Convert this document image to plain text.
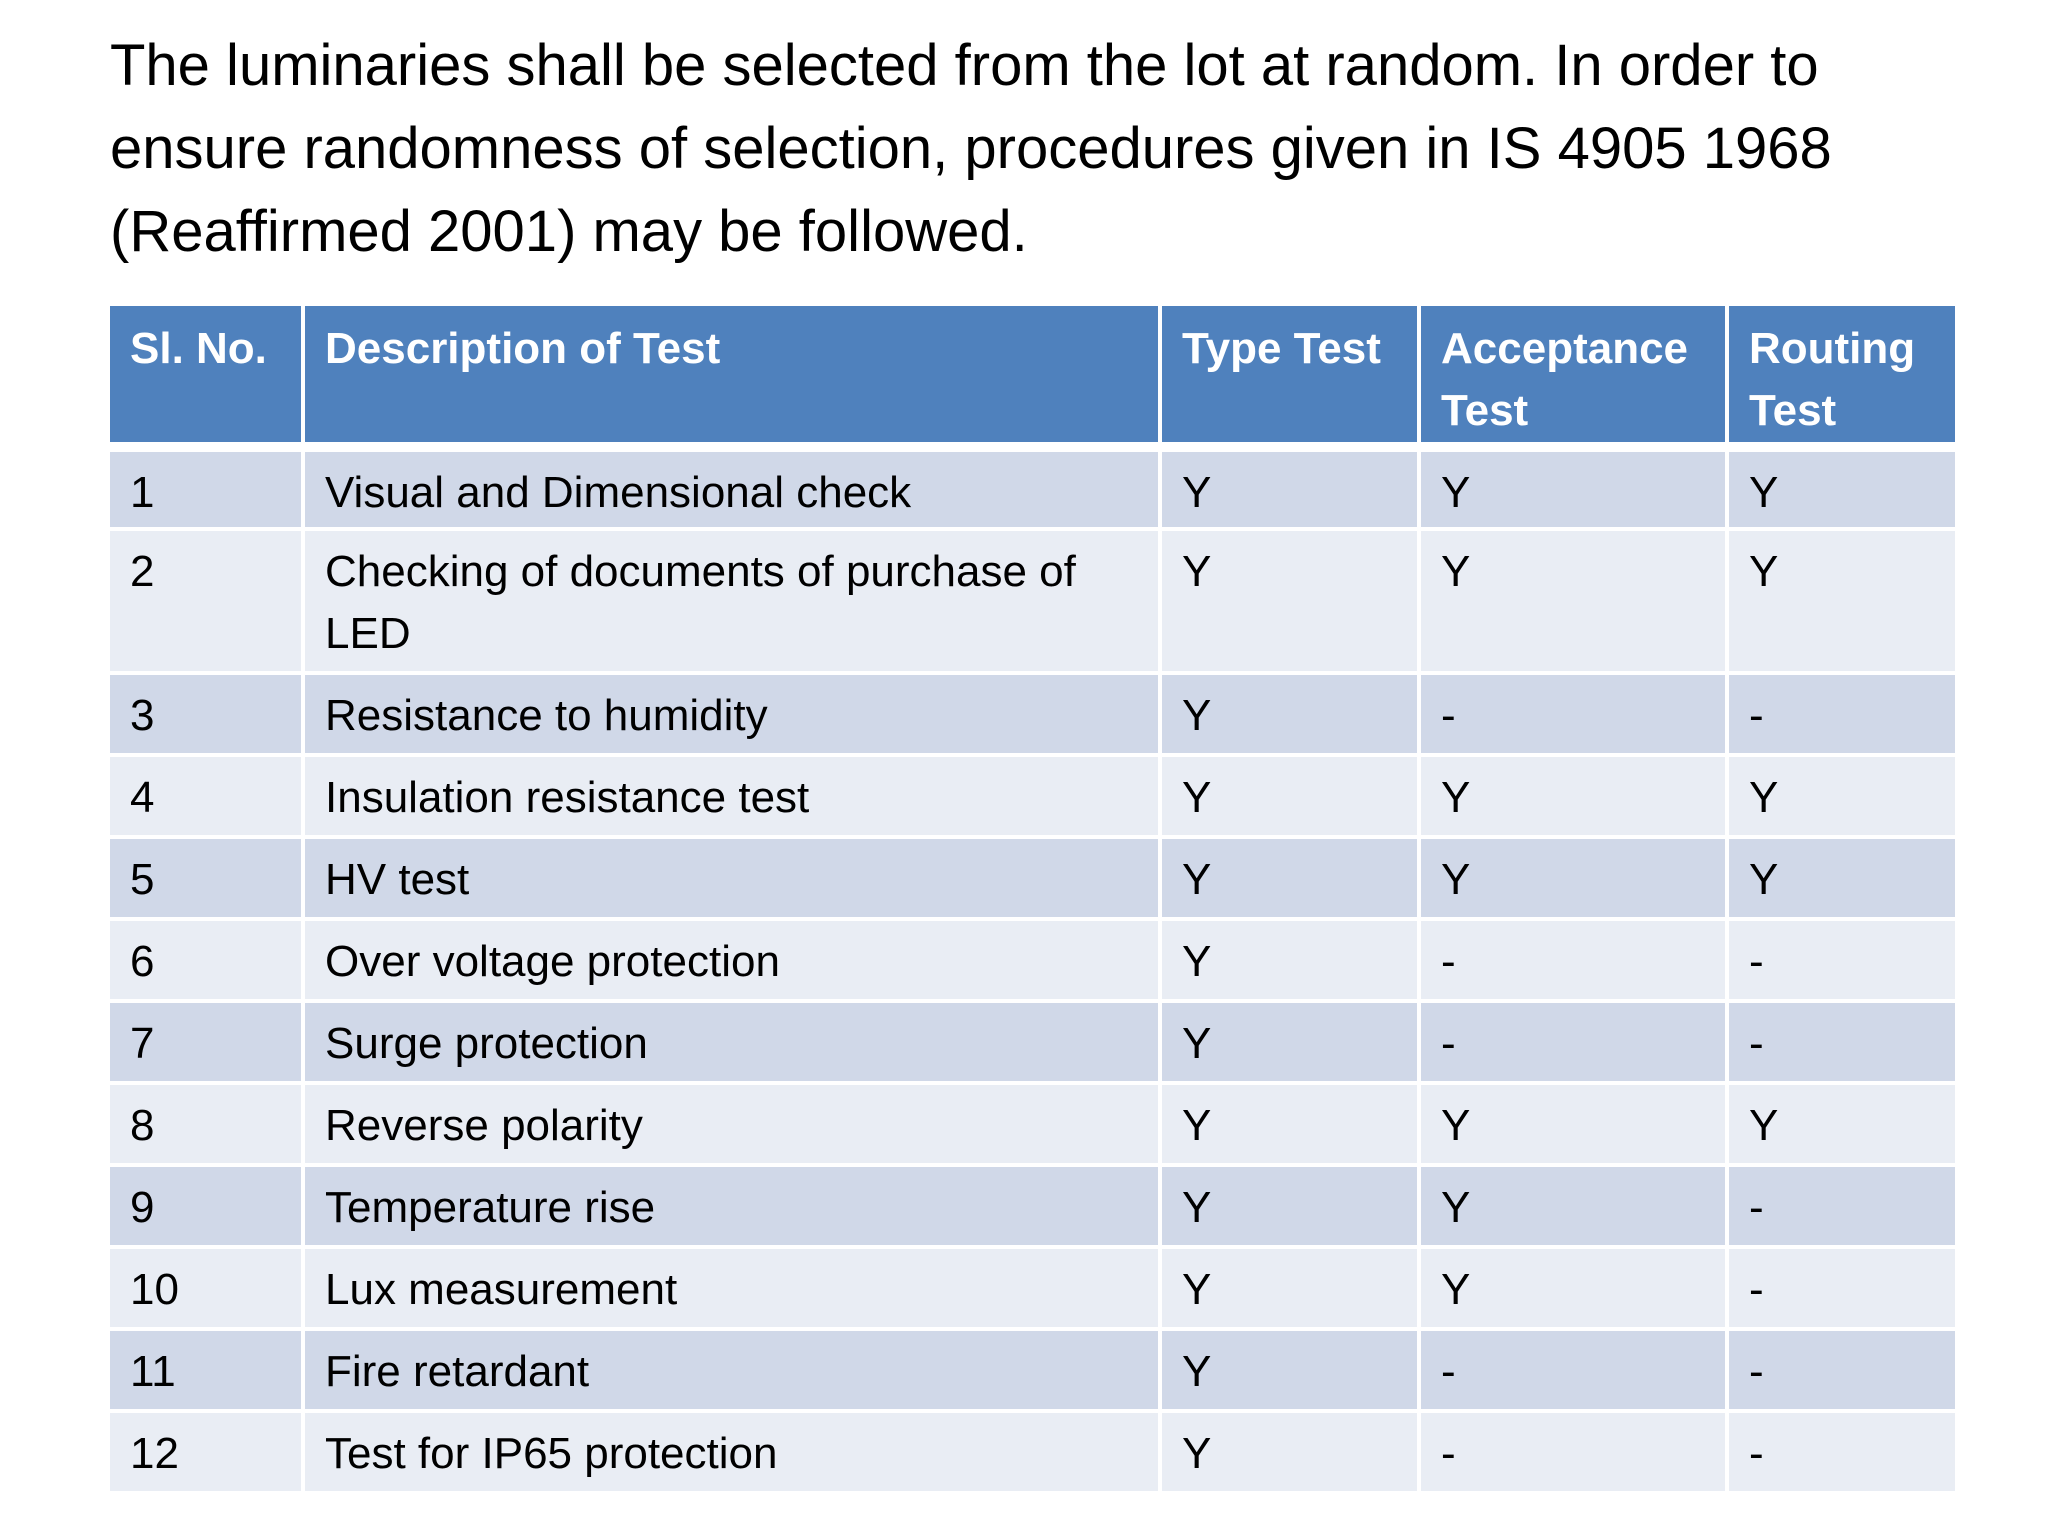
The luminaries shall be selected from the lot at random. In order to ensure randomness of selection, procedures given in IS 4905 1968 (Reaffirmed 2001) may be followed.

Sl. No.	Description of Test	Type Test	Acceptance Test	Routing Test
1	Visual and Dimensional check	Y	Y	Y
2	Checking of documents of purchase of LED	Y	Y	Y
3	Resistance to humidity	Y	-	-
4	Insulation resistance test	Y	Y	Y
5	HV test	Y	Y	Y
6	Over voltage protection	Y	-	-
7	Surge protection	Y	-	-
8	Reverse polarity	Y	Y	Y
9	Temperature rise	Y	Y	-
10	Lux measurement	Y	Y	-
11	Fire retardant	Y	-	-
12	Test for IP65 protection	Y	-	-
